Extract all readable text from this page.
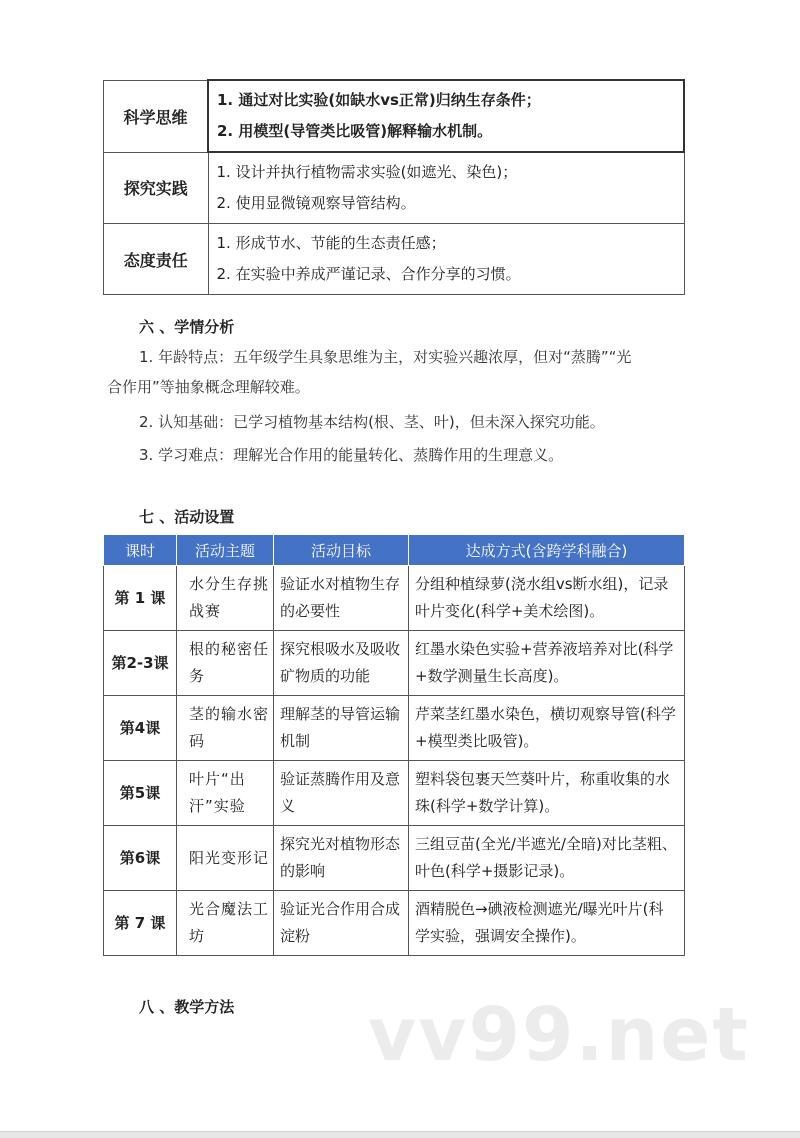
科学思维	1. 通过对比实验(如缺水vs正常)归纳生存条件；
2. 用模型(导管类比吸管)解释输水机制。

探究实践	1. 设计并执行植物需求实验(如遮光、染色)；
2. 使用显微镜观察导管结构。

态度责任	1. 形成节水、节能的生态责任感；
2. 在实验中养成严谨记录、合作分享的习惯。
六 、学情分析
1. 年龄特点：五年级学生具象思维为主，对实验兴趣浓厚，但对“蒸腾”“光
合作用”等抽象概念理解较难。
2. 认知基础：已学习植物基本结构(根、茎、叶)，但未深入探究功能。
3. 学习难点：理解光合作用的能量转化、蒸腾作用的生理意义。
七 、活动设置
课时	活动主题	活动目标	达成方式(含跨学科融合)
第 1 课	水分生存挑战赛	验证水对植物生存的必要性	分组种植绿萝(浇水组vs断水组)，记录叶片变化(科学+美术绘图)。
第2-3课	根的秘密任务	探究根吸水及吸收矿物质的功能	红墨水染色实验+营养液培养对比(科学+数学测量生长高度)。
第4课	茎的输水密码	理解茎的导管运输机制	芹菜茎红墨水染色，横切观察导管(科学+模型类比吸管)。
第5课	叶片“出汗”实验	验证蒸腾作用及意义	塑料袋包裹天竺葵叶片，称重收集的水珠(科学+数学计算)。
第6课	阳光变形记	探究光对植物形态的影响	三组豆苗(全光/半遮光/全暗)对比茎粗、叶色(科学+摄影记录)。
第 7 课	光合魔法工坊	验证光合作用合成淀粉	酒精脱色→碘液检测遮光/曝光叶片(科学实验，强调安全操作)。
八 、教学方法 vv99.net
